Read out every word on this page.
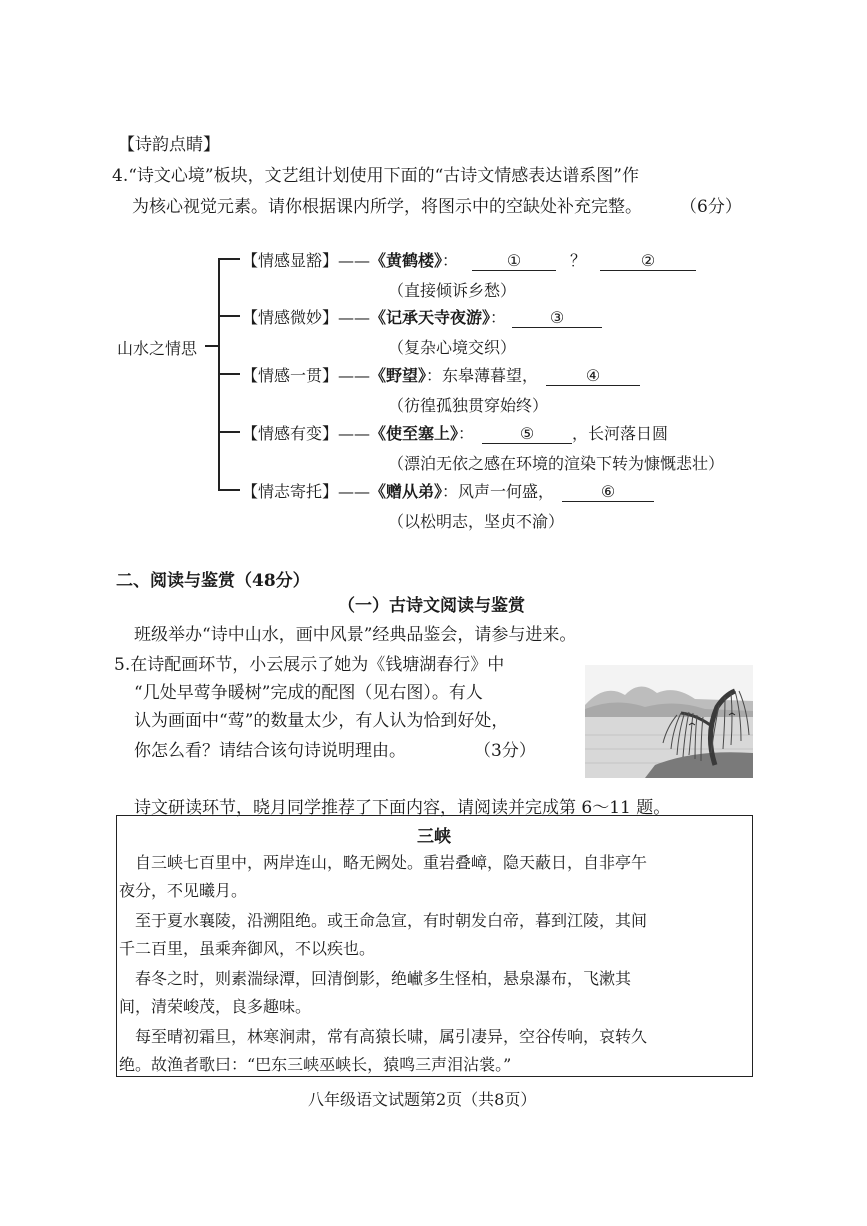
【诗韵点睛】
4.“诗文心境”板块，文艺组计划使用下面的“古诗文情感表达谱系图”作
为核心视觉元素。请你根据课内所学，将图示中的空缺处补充完整。 （6分）
山水之情思
【情感显豁】——《黄鹤楼》：	①	？	②
（直接倾诉乡愁）
【情感微妙】——《记承天寺夜游》：	③
（复杂心境交织）
【情感一贯】——《野望》：东皋薄暮望，	④
（彷徨孤独贯穿始终）
【情感有变】——《使至塞上》：	⑤ ，长河落日圆
（漂泊无依之感在环境的渲染下转为慷慨悲壮）
【情志寄托】——《赠从弟》：风声一何盛，	⑥
（以松明志，坚贞不渝）
二、阅读与鉴赏（48分）
（一）古诗文阅读与鉴赏
班级举办“诗中山水，画中风景”经典品鉴会，请参与进来。
5.在诗配画环节，小云展示了她为《钱塘湖春行》中
“几处早莺争暖树”完成的配图（见右图）。有人
认为画面中“莺”的数量太少，有人认为恰到好处，
你怎么看？请结合该句诗说明理由。	（3分）
诗文研读环节，晓月同学推荐了下面内容，请阅读并完成第 6～11 题。
三峡
自三峡七百里中，两岸连山，略无阙处。重岩叠嶂，隐天蔽日，自非亭午
夜分，不见曦月。
至于夏水襄陵，沿溯阻绝。或王命急宣，有时朝发白帝，暮到江陵，其间
千二百里，虽乘奔御风，不以疾也。
春冬之时，则素湍绿潭，回清倒影，绝𪩘多生怪柏，悬泉瀑布，飞漱其
间，清荣峻茂，良多趣味。
每至晴初霜旦，林寒涧肃，常有高猿长啸，属引凄异，空谷传响，哀转久
绝。故渔者歌曰：“巴东三峡巫峡长，猿鸣三声泪沾裳。”
八年级语文试题第2页（共8页）
